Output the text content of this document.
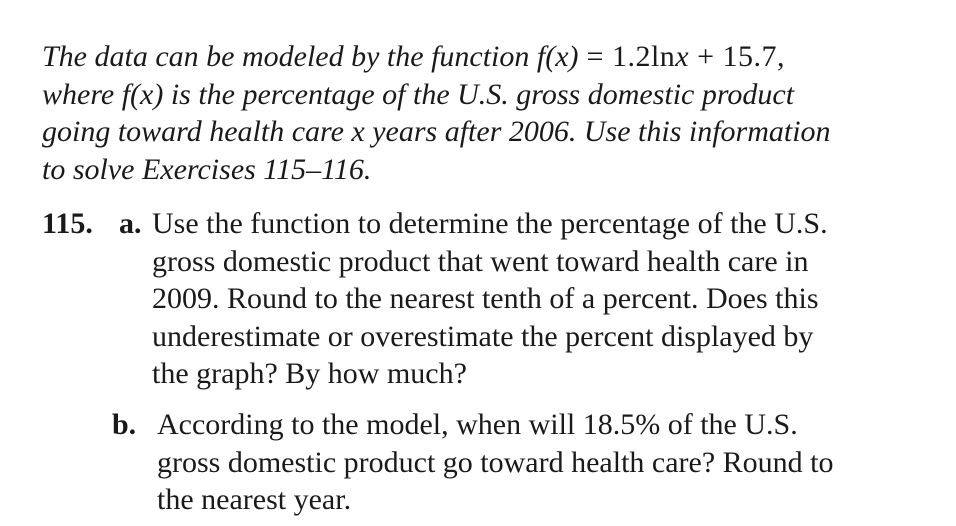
The data can be modeled by the function f(x) = 1.2lnx + 15.7,
where f(x) is the percentage of the U.S. gross domestic product
going toward health care x years after 2006. Use this information
to solve Exercises 115–116.
115. a. Use the function to determine the percentage of the U.S.
gross domestic product that went toward health care in
2009. Round to the nearest tenth of a percent. Does this
underestimate or overestimate the percent displayed by
the graph? By how much?
b. According to the model, when will 18.5% of the U.S.
gross domestic product go toward health care? Round to
the nearest year.
